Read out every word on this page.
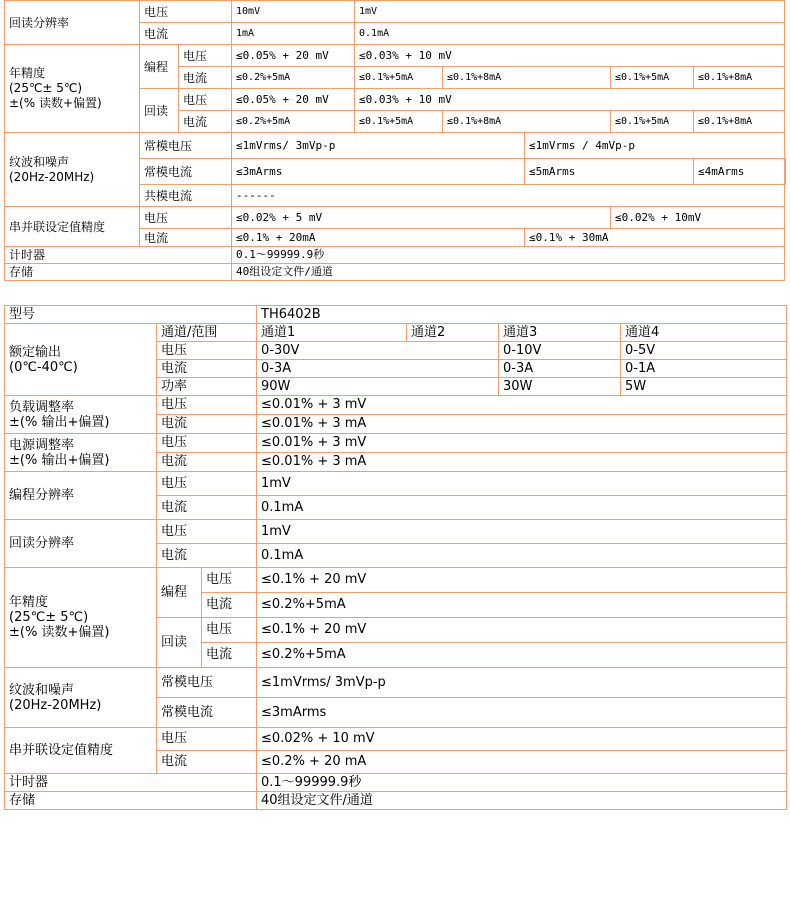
回读分辨率	电压		10mV	1mV					
	电流		1mA	0.1mA					

年精度
(25℃± 5℃)
±(% 读数+偏置)	编程	电压	≤0.05% + 20 mV	≤0.03% + 10 mV					
		电流	≤0.2%+5mA	≤0.1%+5mA	≤0.1%+8mA		≤0.1%+5mA	≤0.1%+8mA	
	回读	电压	≤0.05% + 20 mV	≤0.03% + 10 mV					
		电流	≤0.2%+5mA	≤0.1%+5mA	≤0.1%+8mA		≤0.1%+5mA	≤0.1%+8mA	

纹波和噪声
(20Hz-20MHz)	常模电压		≤1mVrms/ 3mVp-p			≤1mVrms / 4mVp-p			
	常模电流		≤3mArms			≤5mArms		≤4mArms	
	共模电流		------						
串并联设定值精度	电压		≤0.02% + 5 mV				≤0.02% + 10mV		
	电流		≤0.1% + 20mA			≤0.1% + 30mA			
计时器			0.1～99999.9秒						
存储			40组设定文件/通道						
型号			TH6402B			

额定输出
(0℃-40℃)	通道/范围		通道1	通道2	通道3	通道4
	电压		0-30V		0-10V	0-5V
	电流		0-3A		0-3A	0-1A
	功率		90W		30W	5W

负载调整率
±(% 输出+偏置)	电压		≤0.01% + 3 mV			
	电流		≤0.01% + 3 mA			

电源调整率
±(% 输出+偏置)	电压		≤0.01% + 3 mV			
	电流		≤0.01% + 3 mA			
编程分辨率	电压		1mV			
	电流		0.1mA			
回读分辨率	电压		1mV			
	电流		0.1mA			

年精度
(25℃± 5℃)
±(% 读数+偏置)	编程	电压	≤0.1% + 20 mV			
		电流	≤0.2%+5mA			
	回读	电压	≤0.1% + 20 mV			
		电流	≤0.2%+5mA			

纹波和噪声
(20Hz-20MHz)	常模电压		≤1mVrms/ 3mVp-p			
	常模电流		≤3mArms			
串并联设定值精度	电压		≤0.02% + 10 mV			
	电流		≤0.2% + 20 mA			
计时器			0.1～99999.9秒			
存储			40组设定文件/通道			
